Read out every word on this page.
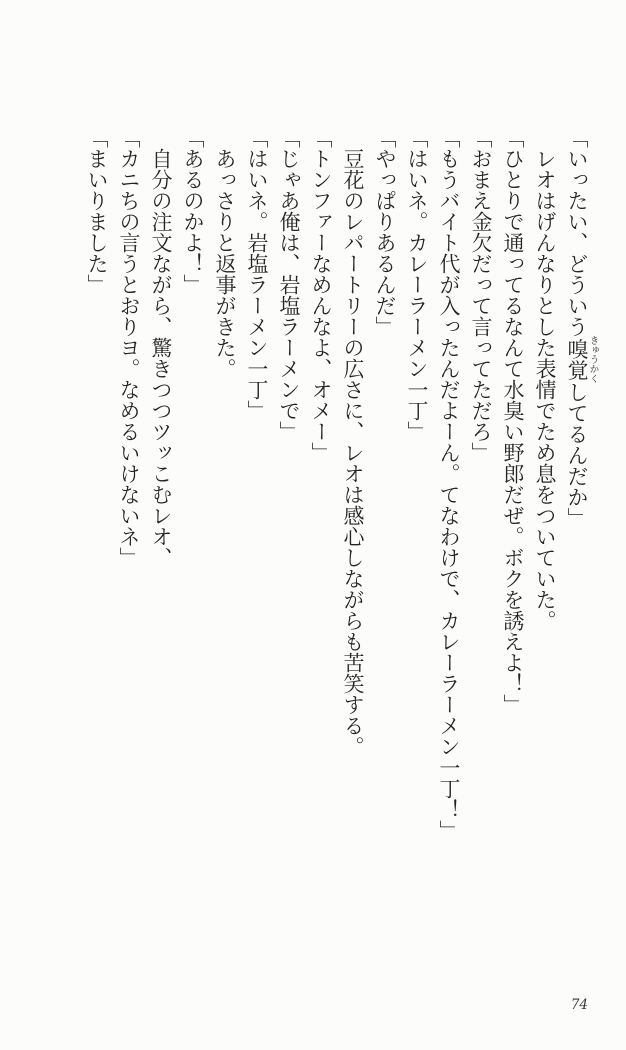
「いったい、どういう嗅覚きゅうかくしてるんだか」

レオはげんなりとした表情でため息をついていた。

「ひとりで通ってるなんて水臭い野郎だぜ。ボクを誘えよ！」

「おまえ金欠だって言ってただろ」

「もうバイト代が入ったんだよーん。てなわけで、カレーラーメン一丁！」

「はいネ。カレーラーメン一丁」

「やっぱりあるんだ」

豆花のレパートリーの広さに、レオは感心しながらも苦笑する。

「トンファーなめんなよ、オメー」

「じゃあ俺は、岩塩ラーメンで」

「はいネ。岩塩ラーメン一丁」

あっさりと返事がきた。

「あるのかよ！」

自分の注文ながら、驚きつつツッこむレオ、

「カニちの言うとおりヨ。なめるいけないネ」

「まいりました」

74
